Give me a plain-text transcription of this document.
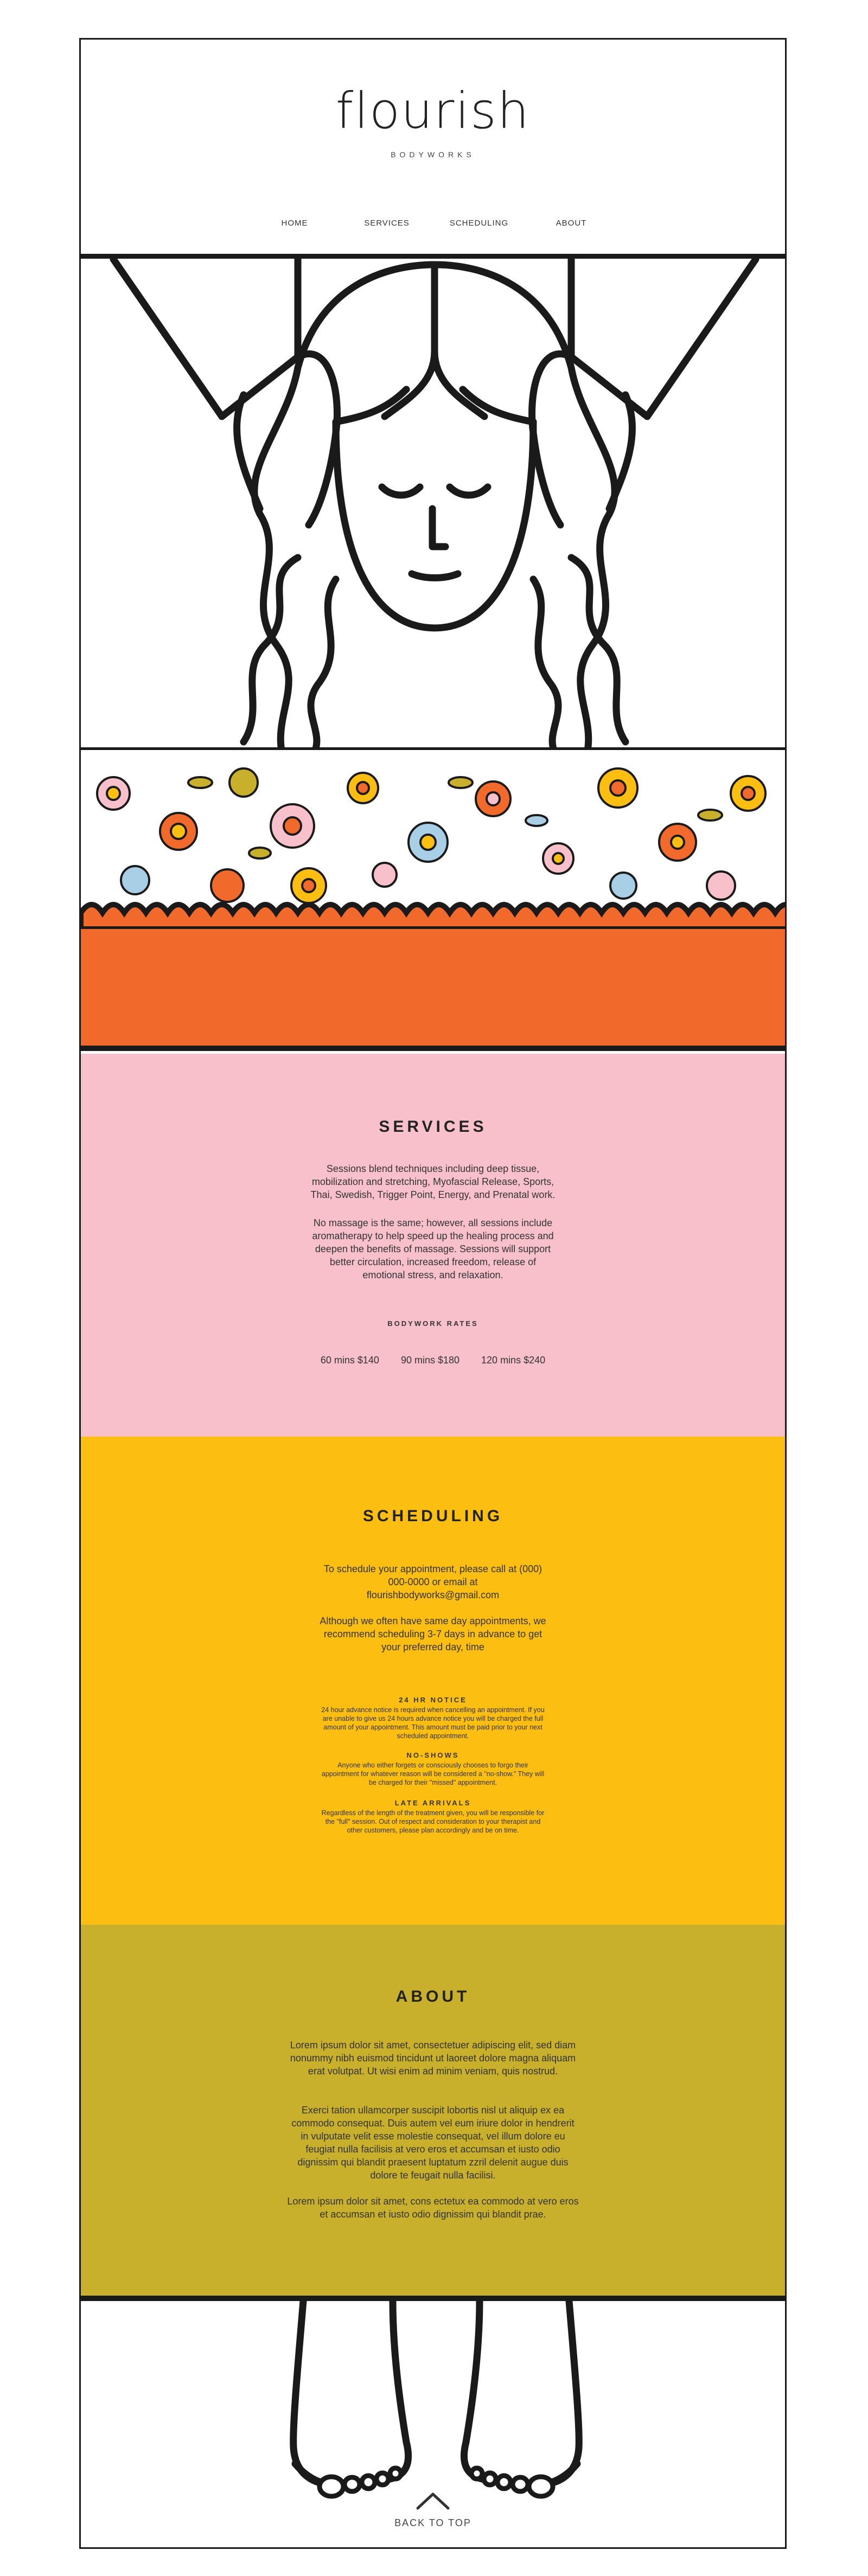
flourish
BODYWORKS
HOME	SERVICES	SCHEDULING	ABOUT
SERVICES

Sessions blend techniques including deep tissue, mobilization and stretching, Myofascial Release, Sports, Thai, Swedish, Trigger Point, Energy, and Prenatal work.

No massage is the same; however, all sessions include aromatherapy to help speed up the healing process and deepen the benefits of massage. Sessions will support better circulation, increased freedom, release of emotional stress, and relaxation.

BODYWORK RATES
60 mins $140 90 mins $180 120 mins $240
SCHEDULING

To schedule your appointment, please call at (000) 000-0000 or email at flourishbodyworks@gmail.com

Although we often have same day appointments, we recommend scheduling 3-7 days in advance to get your preferred day, time

24 HR NOTICE

24 hour advance notice is required when cancelling an appointment. If you are unable to give us 24 hours advance notice you will be charged the full amount of your appointment. This amount must be paid prior to your next scheduled appointment.

NO-SHOWS

Anyone who either forgets or consciously chooses to forgo their appointment for whatever reason will be considered a "no-show." They will be charged for their "missed" appointment.

LATE ARRIVALS

Regardless of the length of the treatment given, you will be responsible for the "full" session. Out of respect and consideration to your therapist and other customers, please plan accordingly and be on time.

ABOUT

Lorem ipsum dolor sit amet, consectetuer adipiscing elit, sed diam nonummy nibh euismod tincidunt ut laoreet dolore magna aliquam erat volutpat. Ut wisi enim ad minim veniam, quis nostrud.

Exerci tation ullamcorper suscipit lobortis nisl ut aliquip ex ea commodo consequat. Duis autem vel eum iriure dolor in hendrerit in vulputate velit esse molestie consequat, vel illum dolore eu feugiat nulla facilisis at vero eros et accumsan et iusto odio dignissim qui blandit praesent luptatum zzril delenit augue duis dolore te feugait nulla facilisi.

Lorem ipsum dolor sit amet, cons ectetux ea commodo at vero eros et accumsan et iusto odio dignissim qui blandit prae.

BACK TO TOP
